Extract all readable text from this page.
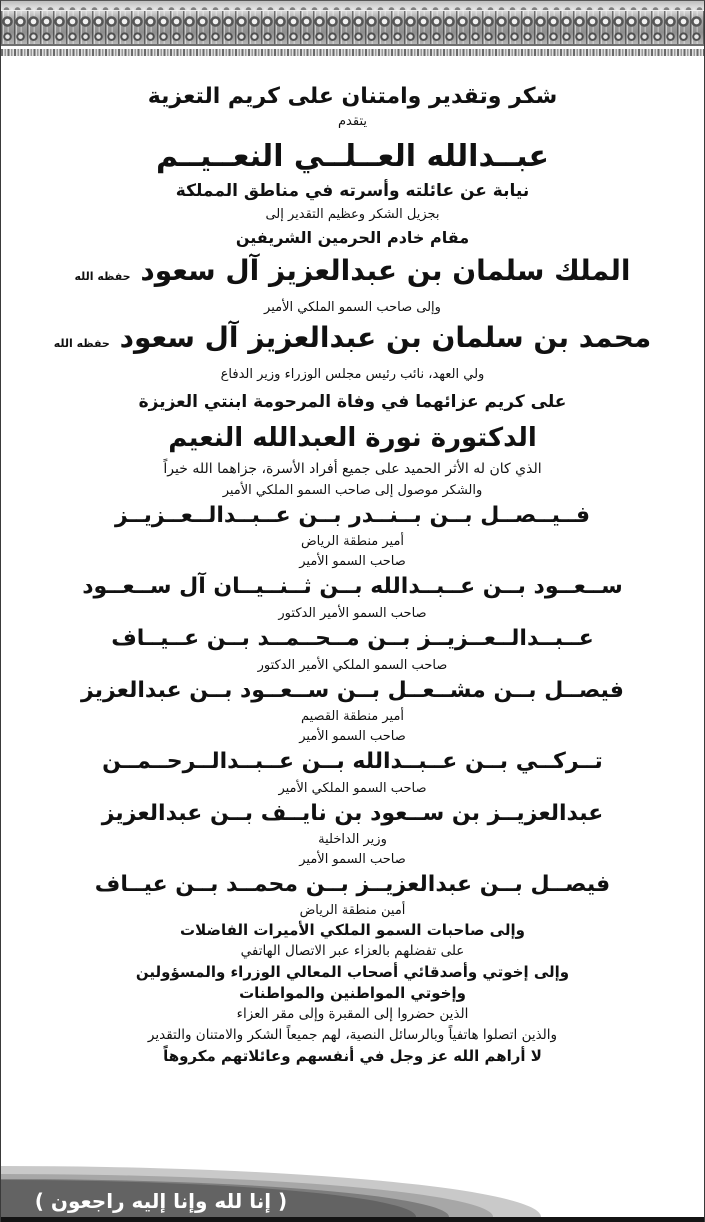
شكر وتقدير وامتنان على كريم التعزية
يتقدم
عبــدالله العــلــي النعــيــم
نيابة عن عائلته وأسرته في مناطق المملكة
بجزيل الشكر وعظيم التقدير إلى
مقام خادم الحرمين الشريفين
الملك سلمان بن عبدالعزيز آل سعود حفظه الله
وإلى صاحب السمو الملكي الأمير
محمد بن سلمان بن عبدالعزيز آل سعود حفظه الله
ولي العهد، نائب رئيس مجلس الوزراء وزير الدفاع
على كريم عزائهما في وفاة المرحومة ابنتي العزيزة
الدكتورة نورة العبدالله النعيم
الذي كان له الأثر الحميد على جميع أفراد الأسرة، جزاهما الله خيراً
والشكر موصول إلى صاحب السمو الملكي الأمير
فــيــصــل بــن بــنــدر بــن عــبــدالــعــزيــز
أمير منطقة الرياض
صاحب السمو الأمير
ســعــود بــن عــبــدالله بــن ثــنــيــان آل ســعــود
صاحب السمو الأمير الدكتور
عــبــدالــعــزيــز بــن مــحــمــد بــن عــيــاف
صاحب السمو الملكي الأمير الدكتور
فيصــل بــن مشــعــل بــن ســعــود بــن عبدالعزيز
أمير منطقة القصيم
صاحب السمو الأمير
تــركــي بــن عــبــدالله بــن عــبــدالــرحــمــن
صاحب السمو الملكي الأمير
عبدالعزيــز بن ســعود بن نايــف بــن عبدالعزيز
وزير الداخلية
صاحب السمو الأمير
فيصــل بــن عبدالعزيــز بــن محمــد بــن عيــاف
أمين منطقة الرياض
وإلى صاحبات السمو الملكي الأميرات الفاضلات
على تفضلهم بالعزاء عبر الاتصال الهاتفي
وإلى إخوتي وأصدقائي أصحاب المعالي الوزراء والمسؤولين
وإخوتي المواطنين والمواطنات
الذين حضروا إلى المقبرة وإلى مقر العزاء
والذين اتصلوا هاتفياً وبالرسائل النصية، لهم جميعاً الشكر والامتنان والتقدير
لا أراهم الله عز وجل في أنفسهم وعائلاتهم مكروهاً
( إنا لله وإنا إليه راجعون )
